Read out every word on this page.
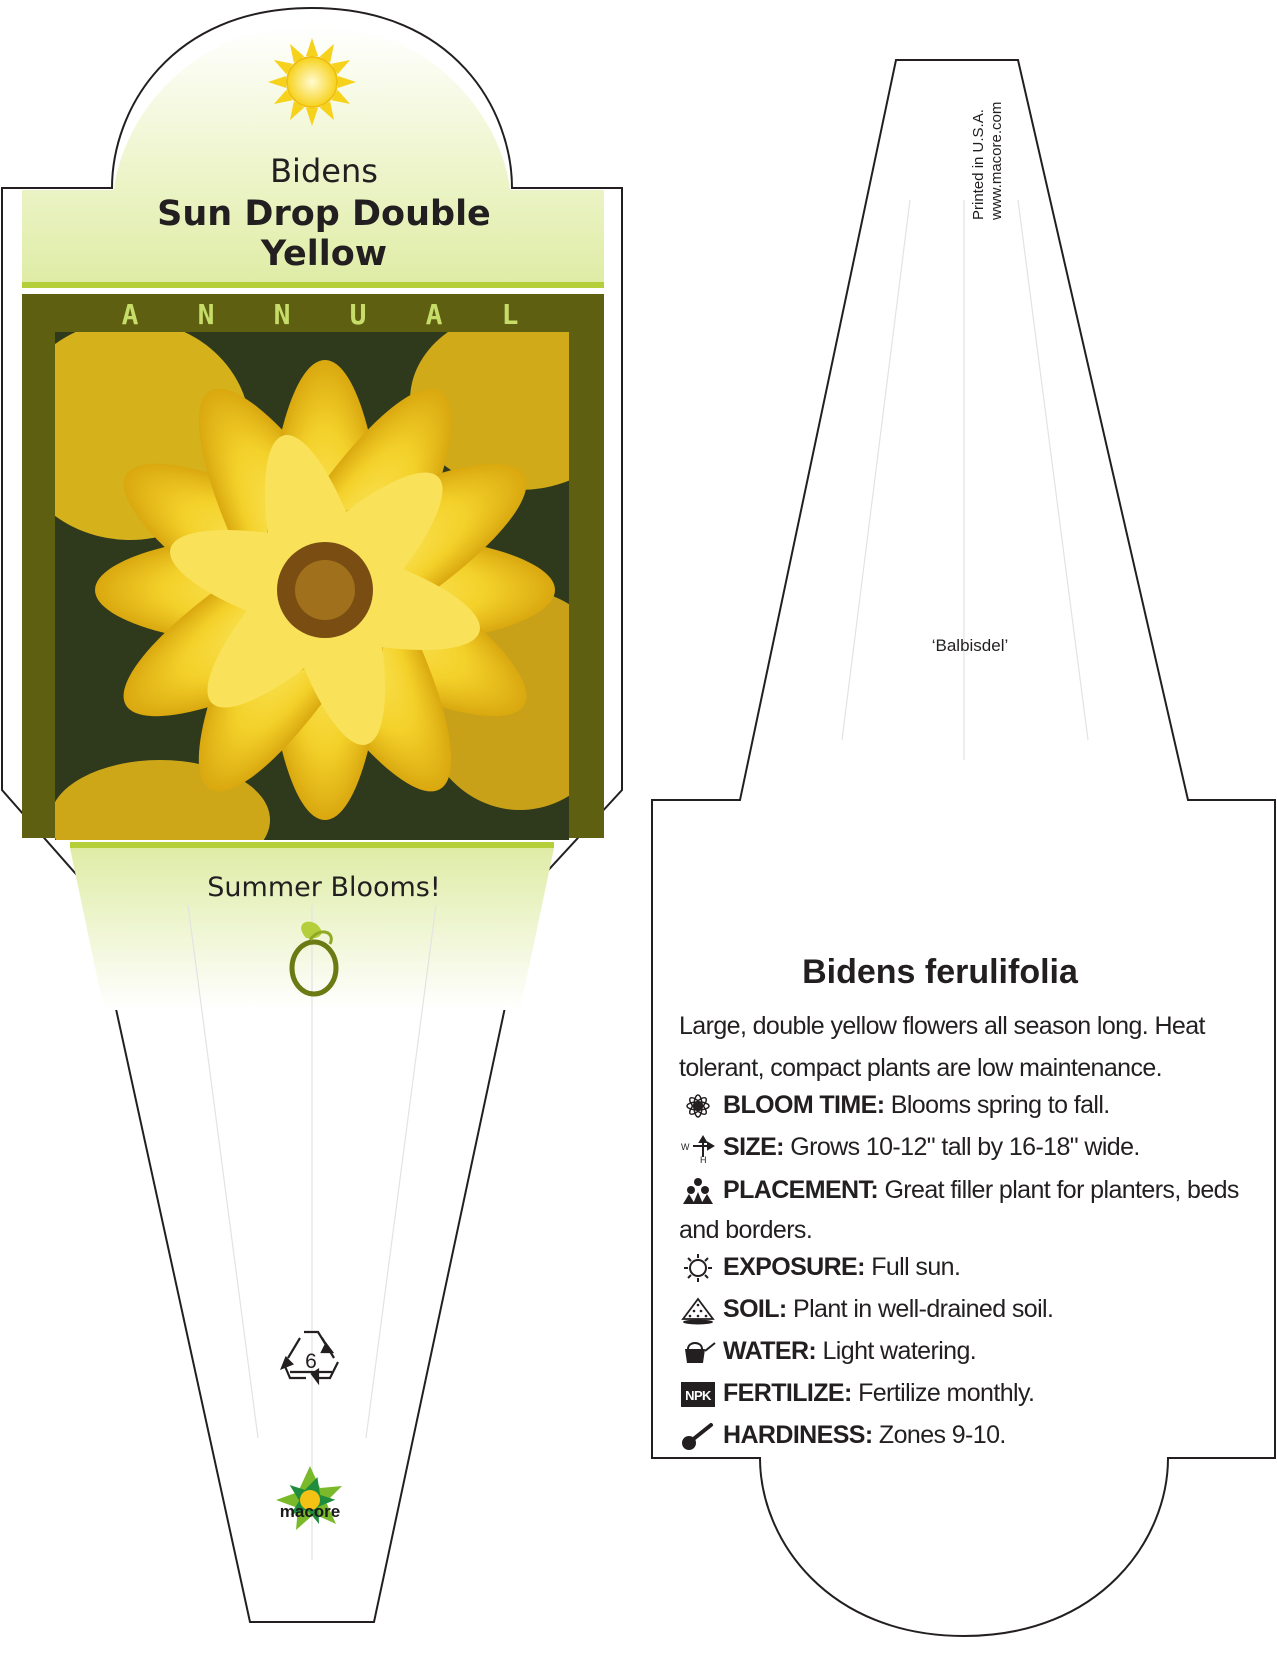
Bidens
Sun Drop Double
Yellow
A N N U A L
Summer Blooms!
6
macore
Printed in U.S.A. www.macore.com
‘Balbisdel’
Bidens ferulifolia
Large, double yellow flowers all season long. Heat tolerant, compact plants are low maintenance.
BLOOM TIME: Blooms spring to fall.
W
H SIZE: Grows 10-12" tall by 16-18" wide.
PLACEMENT: Great filler plant for planters, beds and borders.
EXPOSURE: Full sun.
SOIL: Plant in well-drained soil.
WATER: Light watering.
NPK FERTILIZE: Fertilize monthly.
HARDINESS: Zones 9-10.
